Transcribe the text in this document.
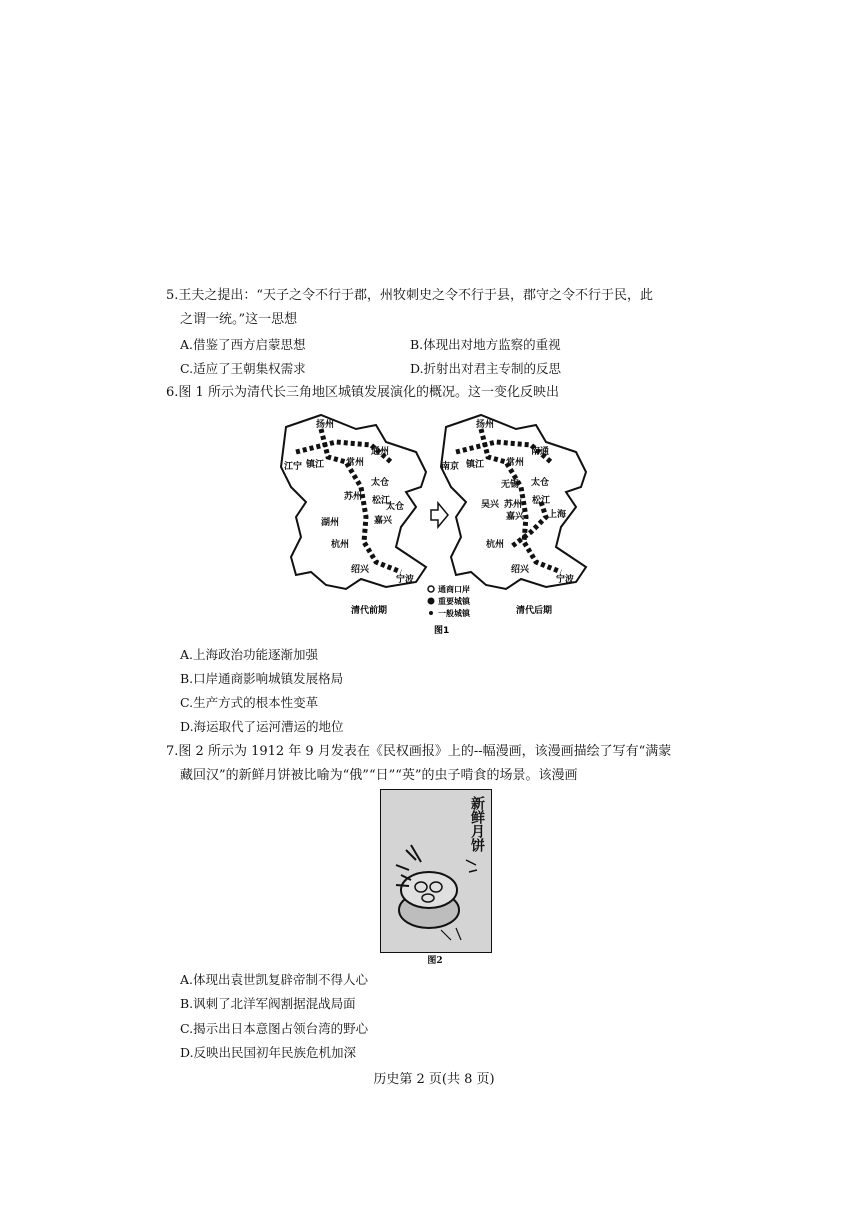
5.王夫之提出：“天子之令不行于郡，州牧刺史之令不行于县，郡守之令不行于民，此
之谓一统。”这一思想
A.借鉴了西方启蒙思想	B.体现出对地方监察的重视
C.适应了王朝集权需求	D.折射出对君主专制的反思
6.图 1 所示为清代长三角地区城镇发展演化的概况。这一变化反映出
扬州
通州
江宁 镇江 常州
太仓
苏州 松江
太仓
湖州	嘉兴
杭州
绍兴
宁波
扬州
南通
南京 镇江 常州
无锡 太仓
吴兴 苏州 松江
上海
嘉兴
杭州
绍兴
宁波
清代前期	清代后期
通商口岸
重要城镇
一般城镇
图1
A.上海政治功能逐渐加强
B.口岸通商影响城镇发展格局
C.生产方式的根本性变革
D.海运取代了运河漕运的地位
7.图 2 所示为 1912 年 9 月发表在《民权画报》上的--幅漫画，该漫画描绘了写有“满蒙
藏回汉”的新鲜月饼被比喻为“俄”“日”“英”的虫子啃食的场景。该漫画
新鲜月饼
图2
A.体现出袁世凯复辟帝制不得人心
B.讽刺了北洋军阀割据混战局面
C.揭示出日本意图占领台湾的野心
D.反映出民国初年民族危机加深
历史第 2 页(共 8 页)
